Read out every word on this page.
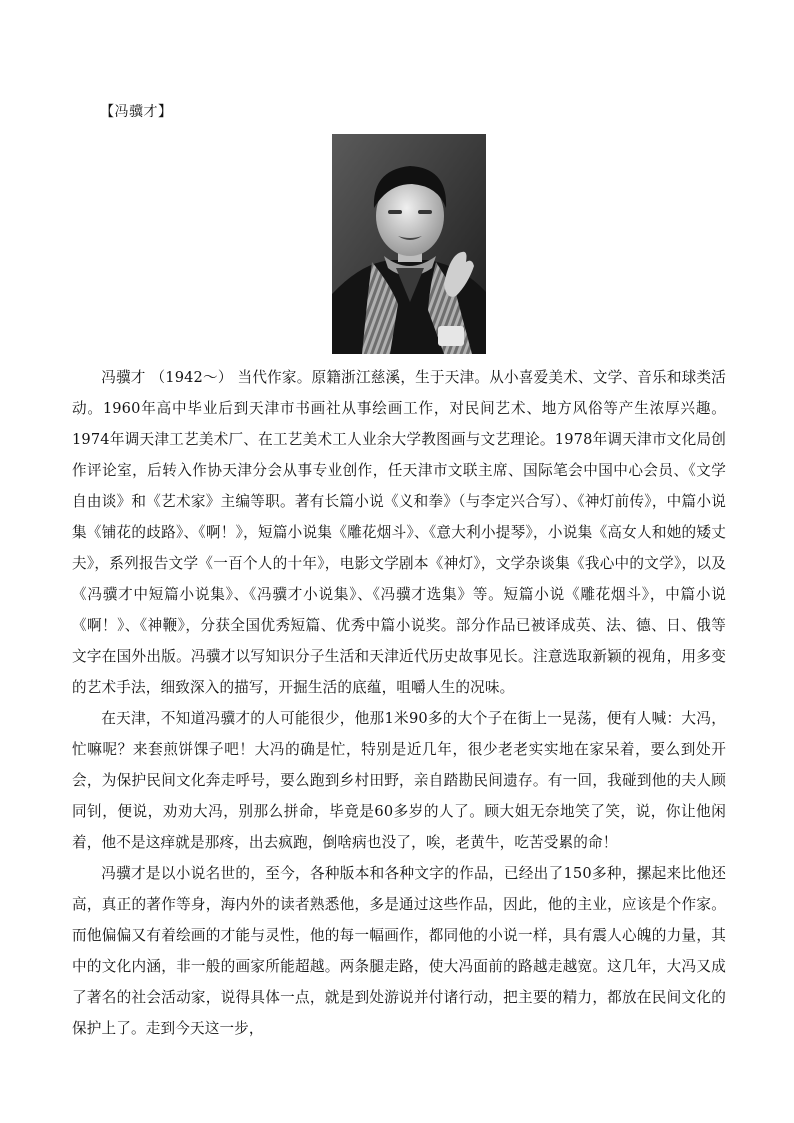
【冯骥才】

冯骥才 （1942～） 当代作家。原籍浙江慈溪，生于天津。从小喜爱美术、文学、音乐和球类活动。1960年高中毕业后到天津市书画社从事绘画工作，对民间艺术、地方风俗等产生浓厚兴趣。1974年调天津工艺美术厂、在工艺美术工人业余大学教图画与文艺理论。1978年调天津市文化局创作评论室，后转入作协天津分会从事专业创作，任天津市文联主席、国际笔会中国中心会员、《文学自由谈》和《艺术家》主编等职。著有长篇小说《义和拳》（与李定兴合写）、《神灯前传》，中篇小说集《铺花的歧路》、《啊！》，短篇小说集《雕花烟斗》、《意大利小提琴》，小说集《高女人和她的矮丈夫》，系列报告文学《一百个人的十年》，电影文学剧本《神灯》，文学杂谈集《我心中的文学》，以及《冯骥才中短篇小说集》、《冯骥才小说集》、《冯骥才选集》等。短篇小说《雕花烟斗》，中篇小说《啊！》、《神鞭》，分获全国优秀短篇、优秀中篇小说奖。部分作品已被译成英、法、德、日、俄等文字在国外出版。冯骥才以写知识分子生活和天津近代历史故事见长。注意选取新颖的视角，用多变的艺术手法，细致深入的描写，开掘生活的底蕴，咀嚼人生的况味。

在天津，不知道冯骥才的人可能很少，他那1米90多的大个子在街上一晃荡，便有人喊：大冯，忙嘛呢？来套煎饼馃子吧！大冯的确是忙，特别是近几年，很少老老实实地在家呆着，要么到处开会，为保护民间文化奔走呼号，要么跑到乡村田野，亲自踏勘民间遗存。有一回，我碰到他的夫人顾同钊，便说，劝劝大冯，别那么拼命，毕竟是60多岁的人了。顾大姐无奈地笑了笑，说，你让他闲着，他不是这痒就是那疼，出去疯跑，倒啥病也没了，唉，老黄牛，吃苦受累的命！

冯骥才是以小说名世的，至今，各种版本和各种文字的作品，已经出了150多种，摞起来比他还高，真正的著作等身，海内外的读者熟悉他，多是通过这些作品，因此，他的主业，应该是个作家。而他偏偏又有着绘画的才能与灵性，他的每一幅画作，都同他的小说一样，具有震人心魄的力量，其中的文化内涵，非一般的画家所能超越。两条腿走路，使大冯面前的路越走越宽。这几年，大冯又成了著名的社会活动家，说得具体一点，就是到处游说并付诸行动，把主要的精力，都放在民间文化的保护上了。走到今天这一步，
